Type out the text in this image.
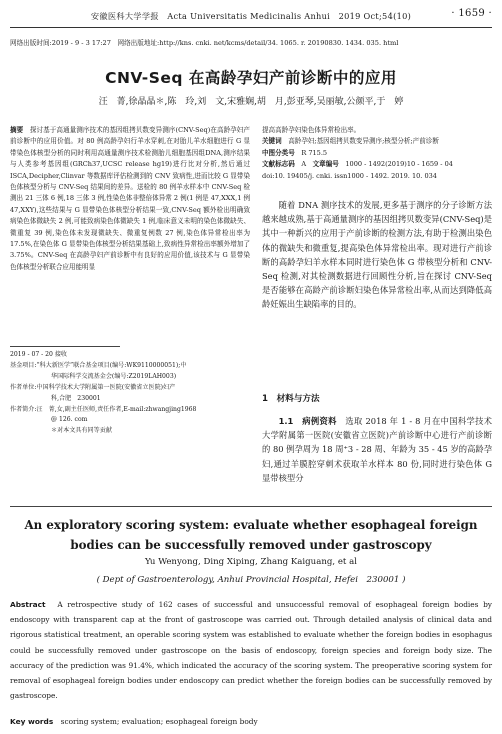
安徽医科大学学报　Acta Universitatis Medicinalis Anhui　2019 Oct;54(10)	· 1659 ·
网络出版时间:2019 - 9 - 3 17:27　网络出版地址:http://kns. cnki. net/kcms/detail/34. 1065. r. 20190830. 1434. 035. html
CNV-Seq 在高龄孕妇产前诊断中的应用
汪　菁,徐晶晶＊,陈　玲,刘　文,宋雅娴,胡　月,彭亚琴,吴丽敏,公颜平,于　婷

摘要　 探讨基于高通量测序技术的基因组拷贝数变异测序(CNV-Seq)在高龄孕妇产前诊断中的应用价值。对 80 例高龄孕妇行羊水穿刺,在对胎儿羊水细胞进行 G 显带染色体核型分析的同时利用高通量测序技术检测胎儿细胞基因组DNA,测序结果与人类参考基因组(GRCh37,UCSC release hg19)进行比对分析,然后通过 ISCA,Decipher,Clinvar 等数据库评估检测到的 CNV 致病性,进而比较 G 显带染色体核型分析与 CNV-Seq 结果间的差异。送检的 80 例羊水样本中 CNV-Seq 检测出 21 三体 6 例,18 三体 3 例,性染色体非整倍体异常 2 例(1 例是 47,XXX,1 例 47,XXY),这些结果与 G 显带染色体核型分析结果一致,CNV-Seq 额外检出明确致病染色体微缺失 2 例,可能致病染色体微缺失 1 例,临床意义未明的染色体微缺失、微重复 39 例,染色体未发现微缺失、微重复例数 27 例,染色体异常检出率为 17.5%,在染色体 G 显带染色体核型分析结果基础上,致病性异常检出率额外增加了 3.75%。CNV-Seq 在高龄孕妇产前诊断中有良好的应用价值,该技术与 G 显带染色体核型分析联合应用能明显

2019 - 07 - 20 接收
基金项目:“科大新医学”联合基金项目(编号:WK9110000051);中
华国际科学交流基金会(编号:Z2019LAH003)
作者单位:中国科学技术大学附属第一医院(安徽省立医院)妇产
科,合肥　230001
作者简介:汪　菁,女,副主任医师,责任作者,E-mail:zhwangjing1968
@ 126. com
＊对本文具有同等贡献
提高高龄孕妇染色体异常检出率。
关键词　 高龄孕妇;基因组拷贝数变异测序;核型分析;产前诊断
中图分类号　 R 715.5
文献标志码　 A　 文章编号　 1000 - 1492(2019)10 - 1659 - 04
doi:10. 19405/j. cnki. issn1000 - 1492. 2019. 10. 034

随着 DNA 测序技术的发展,更多基于测序的分子诊断方法越来越成熟,基于高通量测序的基因组拷贝数变异(CNV-Seq)是其中一种新兴的应用于产前诊断的检测方法,有助于检测出染色体的微缺失和微重复,提高染色体异常检出率。现对进行产前诊断的高龄孕妇羊水样本同时进行染色体 G 带核型分析和 CNV-Seq 检测,对其检测数据进行回顾性分析,旨在探讨 CNV-Seq 是否能够在高龄产前诊断妇染色体异常检出率,从而达到降低高龄妊娠出生缺陷率的目的。

1　材料与方法

1.1　病例资料　 选取 2018 年 1 - 8 月在中国科学技术大学附属第一医院(安徽省立医院)产前诊断中心进行产前诊断的 80 例孕周为 18 周⁺3 - 28 周、年龄为 35 - 45 岁的高龄孕妇,通过羊膜腔穿刺术获取羊水样本 80 份,同时进行染色体 G 显带核型分

An exploratory scoring system: evaluate whether esophageal foreign
bodies can be successfully removed under gastroscopy
Yu Wenyong, Ding Xiping, Zhang Kaiguang, et al
( Dept of Gastroenterology, Anhui Provincial Hospital, Hefei　230001 )

Abstract　 A retrospective study of 162 cases of successful and unsuccessful removal of esophageal foreign bodies by endoscopy with transparent cap at the front of gastroscope was carried out. Through detailed analysis of clinical data and rigorous statistical treatment, an operable scoring system was established to evaluate whether the foreign bodies in esophagus could be successfully removed under gastroscope on the basis of endoscopy, foreign species and foreign body size. The accuracy of the prediction was 91.4%, which indicated the accuracy of the scoring system. The preoperative scoring system for removal of esophageal foreign bodies under endoscopy can predict whether the foreign bodies can be successfully removed by gastroscope.

Key words　 scoring system; evaluation; esophageal foreign body
